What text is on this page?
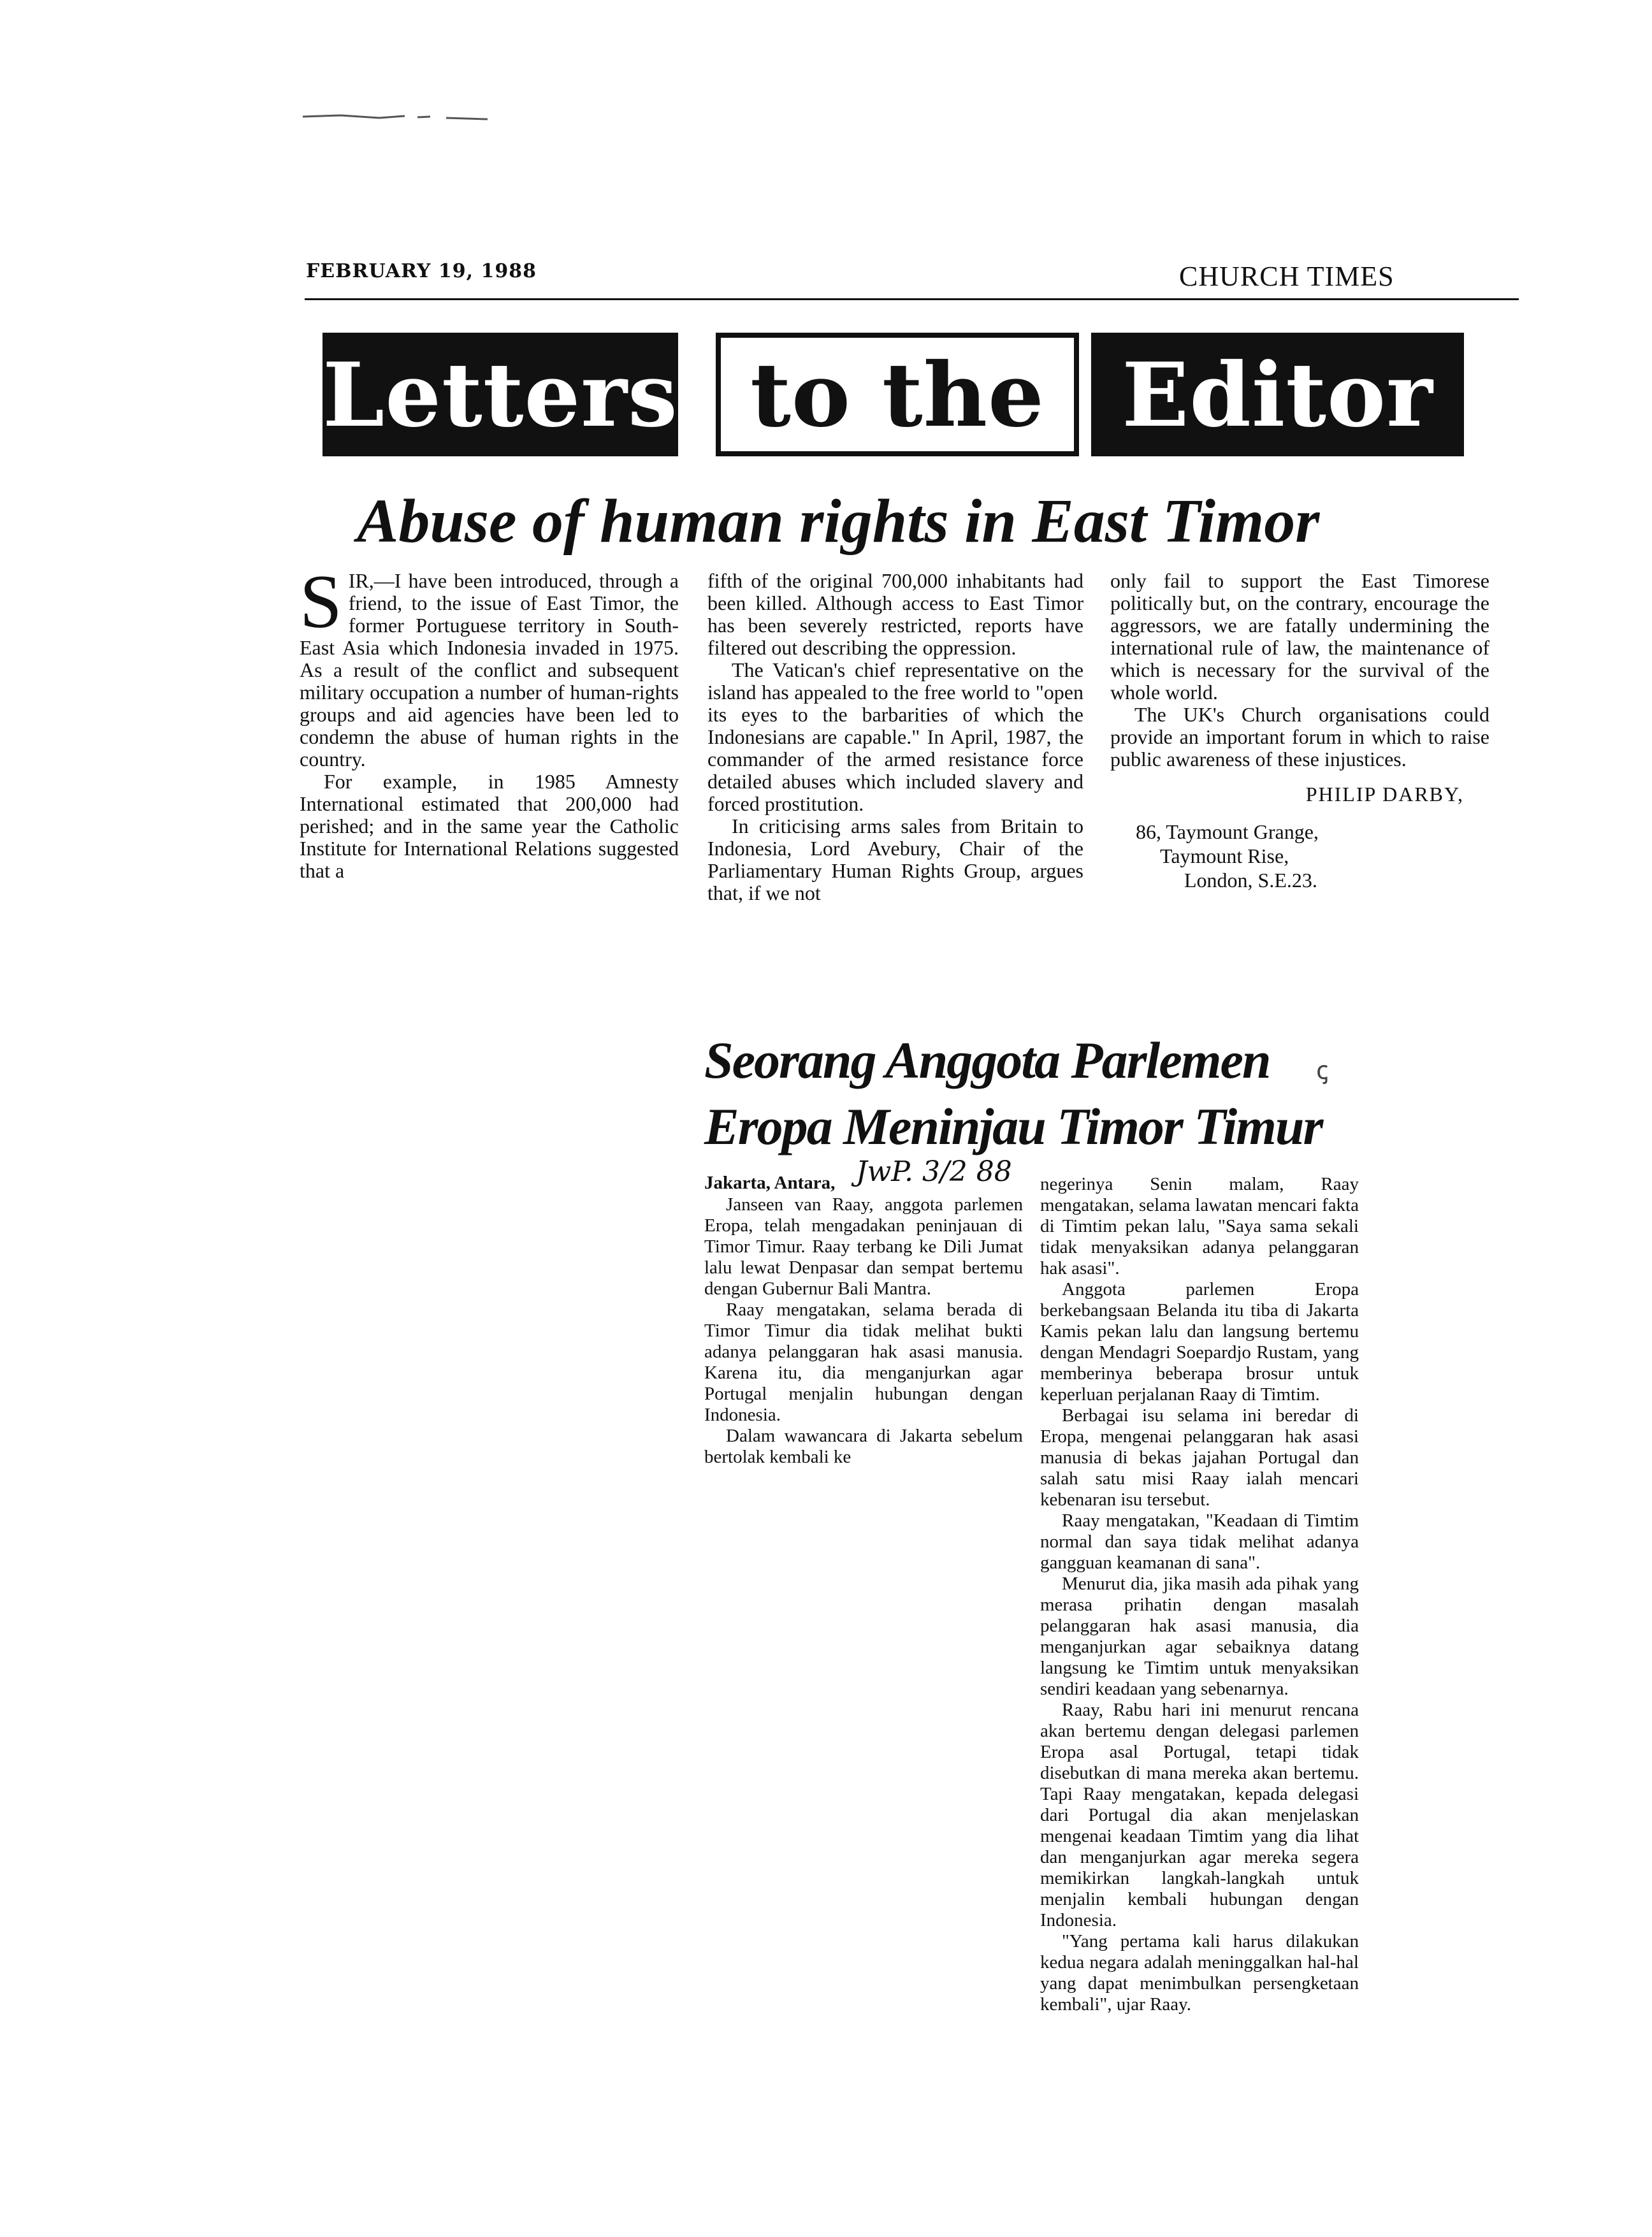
FEBRUARY 19, 1988	CHURCH TIMES
Letters to the Editor
Abuse of human rights in East Timor
S IR,—I have been introduced, through a friend, to the issue of East Timor, the former Portuguese territory in South-East Asia which Indonesia invaded in 1975. As a result of the conflict and subsequent military occupation a number of human-rights groups and aid agencies have been led to condemn the abuse of human rights in the country.

For example, in 1985 Amnesty International estimated that 200,000 had perished; and in the same year the Catholic Institute for International Relations suggested that a

fifth of the original 700,000 inhabitants had been killed. Although access to East Timor has been severely restricted, reports have filtered out describing the oppression.

The Vatican's chief representative on the island has appealed to the free world to "open its eyes to the barbarities of which the Indonesians are capable." In April, 1987, the commander of the armed resistance force detailed abuses which included slavery and forced prostitution.

In criticising arms sales from Britain to Indonesia, Lord Avebury, Chair of the Parliamentary Human Rights Group, argues that, if we not

only fail to support the East Timorese politically but, on the contrary, encourage the aggressors, we are fatally undermining the international rule of law, the maintenance of which is necessary for the survival of the whole world.

The UK's Church organisations could provide an important forum in which to raise public awareness of these injustices.

PHILIP DARBY,
86, Taymount Grange,
Taymount Rise,
London, S.E.23.
Seorang Anggota Parlemen
Eropa Meninjau Timor Timur
ꞔ
Jakarta, Antara, JwP. 3/2 88

Janseen van Raay, anggota parlemen Eropa, telah mengadakan peninjauan di Timor Timur. Raay terbang ke Dili Jumat lalu lewat Denpasar dan sempat bertemu dengan Gubernur Bali Mantra.

Raay mengatakan, selama berada di Timor Timur dia tidak melihat bukti adanya pelanggaran hak asasi manusia. Karena itu, dia menganjurkan agar Portugal menjalin hubungan dengan Indonesia.

Dalam wawancara di Jakarta sebelum bertolak kembali ke

negerinya Senin malam, Raay mengatakan, selama lawatan mencari fakta di Timtim pekan lalu, "Saya sama sekali tidak menyaksikan adanya pelanggaran hak asasi".

Anggota parlemen Eropa berkebangsaan Belanda itu tiba di Jakarta Kamis pekan lalu dan langsung bertemu dengan Mendagri Soepardjo Rustam, yang memberinya beberapa brosur untuk keperluan perjalanan Raay di Timtim.

Berbagai isu selama ini beredar di Eropa, mengenai pelanggaran hak asasi manusia di bekas jajahan Portugal dan salah satu misi Raay ialah mencari kebenaran isu tersebut.

Raay mengatakan, "Keadaan di Timtim normal dan saya tidak melihat adanya gangguan keamanan di sana".

Menurut dia, jika masih ada pihak yang merasa prihatin dengan masalah pelanggaran hak asasi manusia, dia menganjurkan agar sebaiknya datang langsung ke Timtim untuk menyaksikan sendiri keadaan yang sebenarnya.

Raay, Rabu hari ini menurut rencana akan bertemu dengan delegasi parlemen Eropa asal Portugal, tetapi tidak disebutkan di mana mereka akan bertemu. Tapi Raay mengatakan, kepada delegasi dari Portugal dia akan menjelaskan mengenai keadaan Timtim yang dia lihat dan menganjurkan agar mereka segera memikirkan langkah-langkah untuk menjalin kembali hubungan dengan Indonesia.

"Yang pertama kali harus dilakukan kedua negara adalah meninggalkan hal-hal yang dapat menimbulkan persengketaan kembali", ujar Raay.
